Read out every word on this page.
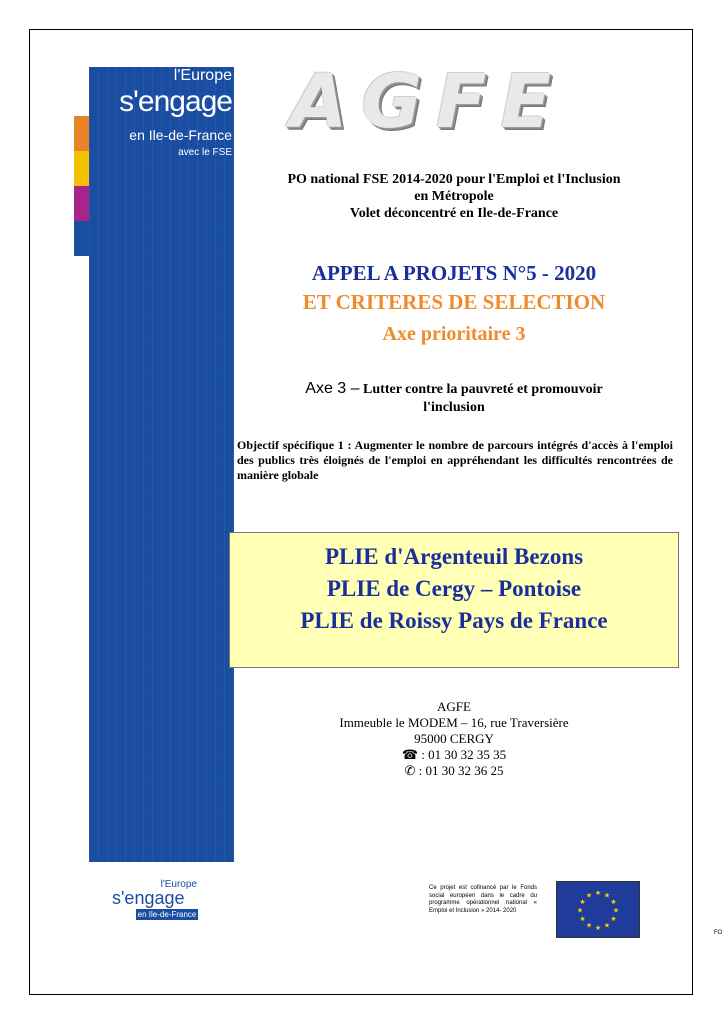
l'Europe
s'engage
en Ile-de-France
avec le FSE
AGFE
PO national FSE 2014-2020 pour l'Emploi et l'Inclusion
en Métropole
Volet déconcentré en Ile-de-France
APPEL A PROJETS N°5 - 2020
ET CRITERES DE SELECTION
Axe prioritaire 3
Axe 3 – Lutter contre la pauvreté et promouvoir
l'inclusion
Objectif spécifique 1 : Augmenter le nombre de parcours intégrés d'accès à l'emploi des publics très éloignés de l'emploi en appréhendant les difficultés rencontrées de manière globale
PLIE d'Argenteuil Bezons
PLIE de Cergy – Pontoise
PLIE de Roissy Pays de France
AGFE
Immeuble le MODEM – 16, rue Traversière
95000 CERGY
☎ : 01 30 32 35 35
✆ : 01 30 32 36 25
l'Europe
s'engage
en Ile-de-France
Ce projet est cofinancé par le Fonds social européen dans le cadre du programme opérationnel national « Emploi et Inclusion » 2014- 2020
★ ★
★
★
★
★
★
★
★
★
★
★
FO
